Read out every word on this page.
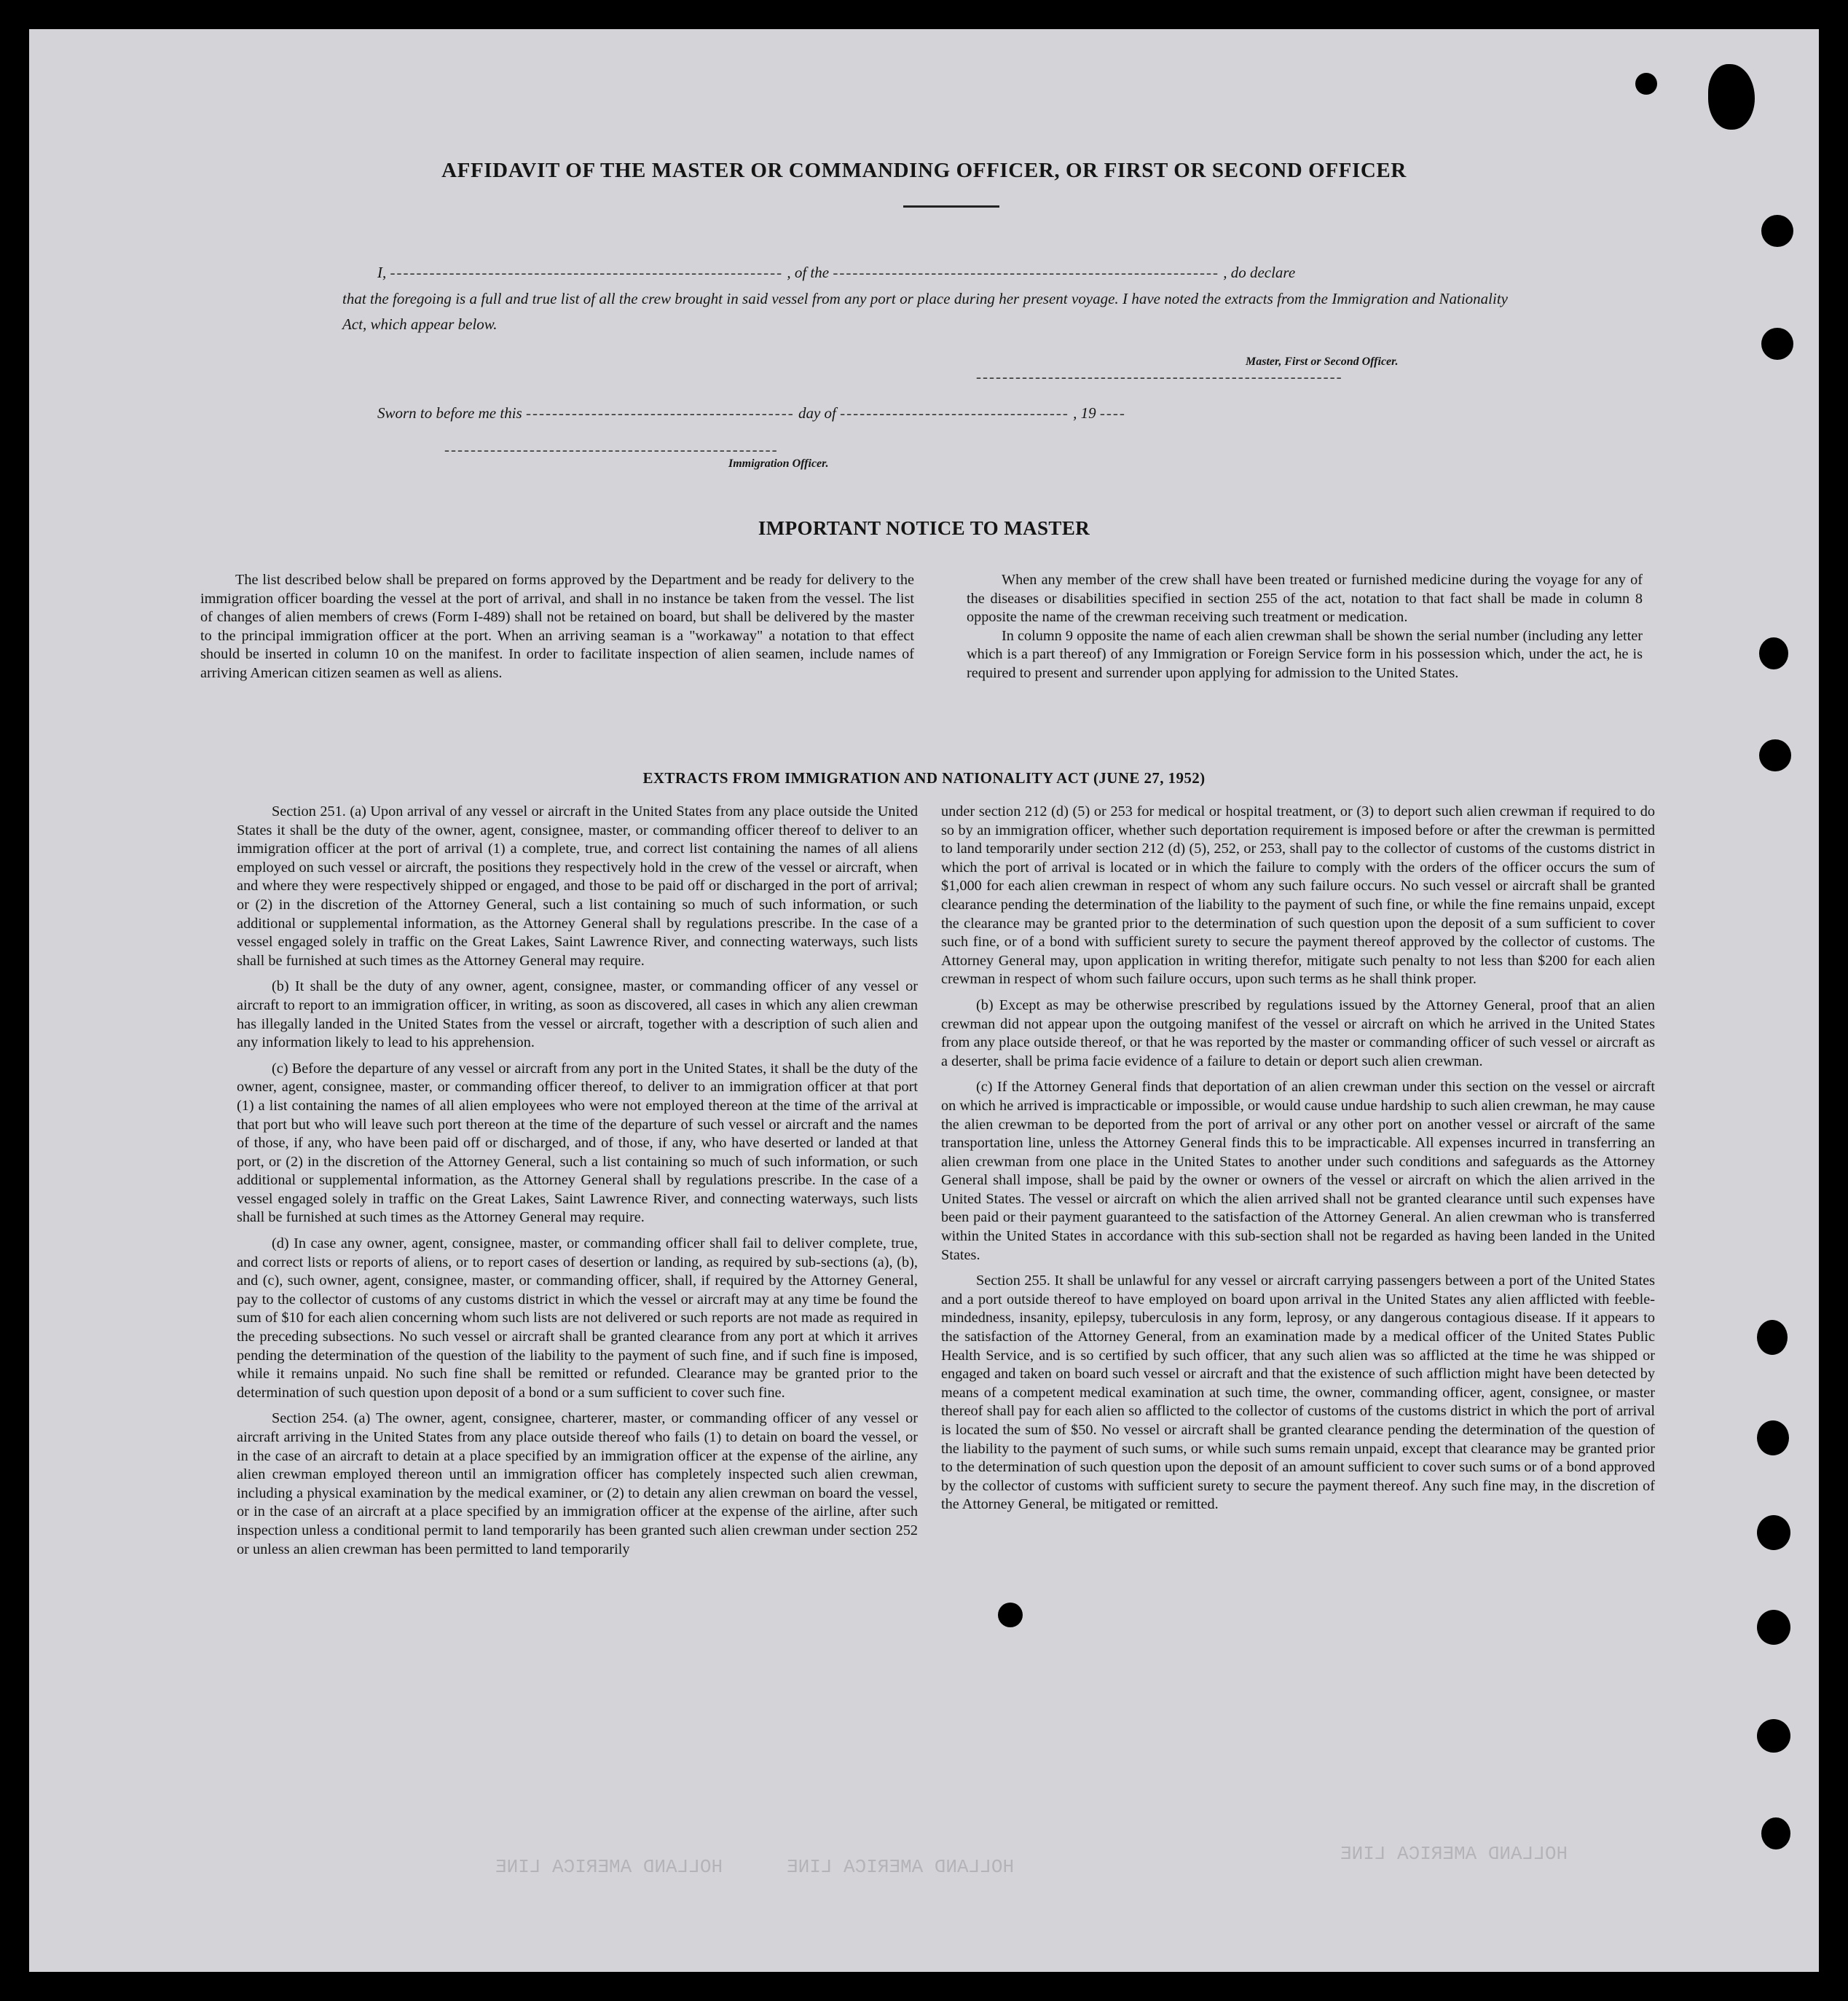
HOLLAND AMERICA LINE	HOLLAND AMERICA LINE
HOLLAND AMERICA LINE
AFFIDAVIT OF THE MASTER OR COMMANDING OFFICER, OR FIRST OR SECOND OFFICER
I, ------------------------------------------------------------ , of the ----------------------------------------------------------- , do declare
that the foregoing is a full and true list of all the crew brought in said vessel from any port or place during her present voyage. I have noted the extracts from the Immigration and Nationality Act, which appear below.
--------------------------------------------------------
Master, First or Second Officer.
Sworn to before me this ----------------------------------------- day of ----------------------------------- , 19 ----
---------------------------------------------------
Immigration Officer.
IMPORTANT NOTICE TO MASTER

The list described below shall be prepared on forms approved by the Department and be ready for delivery to the immigration officer boarding the vessel at the port of arrival, and shall in no instance be taken from the vessel. The list of changes of alien members of crews (Form I-489) shall not be retained on board, but shall be delivered by the master to the principal immigration officer at the port. When an arriving seaman is a "workaway" a notation to that effect should be inserted in column 10 on the manifest. In order to facilitate inspection of alien seamen, include names of arriving American citizen seamen as well as aliens.

When any member of the crew shall have been treated or furnished medicine during the voyage for any of the diseases or disabilities specified in section 255 of the act, notation to that fact shall be made in column 8 opposite the name of the crewman receiving such treatment or medication.

In column 9 opposite the name of each alien crewman shall be shown the serial number (including any letter which is a part thereof) of any Immigration or Foreign Service form in his possession which, under the act, he is required to present and surrender upon applying for admission to the United States.

EXTRACTS FROM IMMIGRATION AND NATIONALITY ACT (JUNE 27, 1952)

Section 251. (a) Upon arrival of any vessel or aircraft in the United States from any place outside the United States it shall be the duty of the owner, agent, consignee, master, or commanding officer thereof to deliver to an immigration officer at the port of arrival (1) a complete, true, and correct list containing the names of all aliens employed on such vessel or aircraft, the positions they respectively hold in the crew of the vessel or aircraft, when and where they were respectively shipped or engaged, and those to be paid off or discharged in the port of arrival; or (2) in the discretion of the Attorney General, such a list containing so much of such information, or such additional or supplemental information, as the Attorney General shall by regulations prescribe. In the case of a vessel engaged solely in traffic on the Great Lakes, Saint Lawrence River, and connecting waterways, such lists shall be furnished at such times as the Attorney General may require.

(b) It shall be the duty of any owner, agent, consignee, master, or commanding officer of any vessel or aircraft to report to an immigration officer, in writing, as soon as discovered, all cases in which any alien crewman has illegally landed in the United States from the vessel or aircraft, together with a description of such alien and any information likely to lead to his apprehension.

(c) Before the departure of any vessel or aircraft from any port in the United States, it shall be the duty of the owner, agent, consignee, master, or commanding officer thereof, to deliver to an immigration officer at that port (1) a list containing the names of all alien employees who were not employed thereon at the time of the arrival at that port but who will leave such port thereon at the time of the departure of such vessel or aircraft and the names of those, if any, who have been paid off or discharged, and of those, if any, who have deserted or landed at that port, or (2) in the discretion of the Attorney General, such a list containing so much of such information, or such additional or supplemental information, as the Attorney General shall by regulations prescribe. In the case of a vessel engaged solely in traffic on the Great Lakes, Saint Lawrence River, and connecting waterways, such lists shall be furnished at such times as the Attorney General may require.

(d) In case any owner, agent, consignee, master, or commanding officer shall fail to deliver complete, true, and correct lists or reports of aliens, or to report cases of desertion or landing, as required by sub-sections (a), (b), and (c), such owner, agent, consignee, master, or commanding officer, shall, if required by the Attorney General, pay to the collector of customs of any customs district in which the vessel or aircraft may at any time be found the sum of $10 for each alien concerning whom such lists are not delivered or such reports are not made as required in the preceding subsections. No such vessel or aircraft shall be granted clearance from any port at which it arrives pending the determination of the question of the liability to the payment of such fine, and if such fine is imposed, while it remains unpaid. No such fine shall be remitted or refunded. Clearance may be granted prior to the determination of such question upon deposit of a bond or a sum sufficient to cover such fine.

Section 254. (a) The owner, agent, consignee, charterer, master, or commanding officer of any vessel or aircraft arriving in the United States from any place outside thereof who fails (1) to detain on board the vessel, or in the case of an aircraft to detain at a place specified by an immigration officer at the expense of the airline, any alien crewman employed thereon until an immigration officer has completely inspected such alien crewman, including a physical examination by the medical examiner, or (2) to detain any alien crewman on board the vessel, or in the case of an aircraft at a place specified by an immigration officer at the expense of the airline, after such inspection unless a conditional permit to land temporarily has been granted such alien crewman under section 252 or unless an alien crewman has been permitted to land temporarily

under section 212 (d) (5) or 253 for medical or hospital treatment, or (3) to deport such alien crewman if required to do so by an immigration officer, whether such deportation requirement is imposed before or after the crewman is permitted to land temporarily under section 212 (d) (5), 252, or 253, shall pay to the collector of customs of the customs district in which the port of arrival is located or in which the failure to comply with the orders of the officer occurs the sum of $1,000 for each alien crewman in respect of whom any such failure occurs. No such vessel or aircraft shall be granted clearance pending the determination of the liability to the payment of such fine, or while the fine remains unpaid, except the clearance may be granted prior to the determination of such question upon the deposit of a sum sufficient to cover such fine, or of a bond with sufficient surety to secure the payment thereof approved by the collector of customs. The Attorney General may, upon application in writing therefor, mitigate such penalty to not less than $200 for each alien crewman in respect of whom such failure occurs, upon such terms as he shall think proper.

(b) Except as may be otherwise prescribed by regulations issued by the Attorney General, proof that an alien crewman did not appear upon the outgoing manifest of the vessel or aircraft on which he arrived in the United States from any place outside thereof, or that he was reported by the master or commanding officer of such vessel or aircraft as a deserter, shall be prima facie evidence of a failure to detain or deport such alien crewman.

(c) If the Attorney General finds that deportation of an alien crewman under this section on the vessel or aircraft on which he arrived is impracticable or impossible, or would cause undue hardship to such alien crewman, he may cause the alien crewman to be deported from the port of arrival or any other port on another vessel or aircraft of the same transportation line, unless the Attorney General finds this to be impracticable. All expenses incurred in transferring an alien crewman from one place in the United States to another under such conditions and safeguards as the Attorney General shall impose, shall be paid by the owner or owners of the vessel or aircraft on which the alien arrived in the United States. The vessel or aircraft on which the alien arrived shall not be granted clearance until such expenses have been paid or their payment guaranteed to the satisfaction of the Attorney General. An alien crewman who is transferred within the United States in accordance with this sub-section shall not be regarded as having been landed in the United States.

Section 255. It shall be unlawful for any vessel or aircraft carrying passengers between a port of the United States and a port outside thereof to have employed on board upon arrival in the United States any alien afflicted with feeble-mindedness, insanity, epilepsy, tuberculosis in any form, leprosy, or any dangerous contagious disease. If it appears to the satisfaction of the Attorney General, from an examination made by a medical officer of the United States Public Health Service, and is so certified by such officer, that any such alien was so afflicted at the time he was shipped or engaged and taken on board such vessel or aircraft and that the existence of such affliction might have been detected by means of a competent medical examination at such time, the owner, commanding officer, agent, consignee, or master thereof shall pay for each alien so afflicted to the collector of customs of the customs district in which the port of arrival is located the sum of $50. No vessel or aircraft shall be granted clearance pending the determination of the question of the liability to the payment of such sums, or while such sums remain unpaid, except that clearance may be granted prior to the determination of such question upon the deposit of an amount sufficient to cover such sums or of a bond approved by the collector of customs with sufficient surety to secure the payment thereof. Any such fine may, in the discretion of the Attorney General, be mitigated or remitted.
